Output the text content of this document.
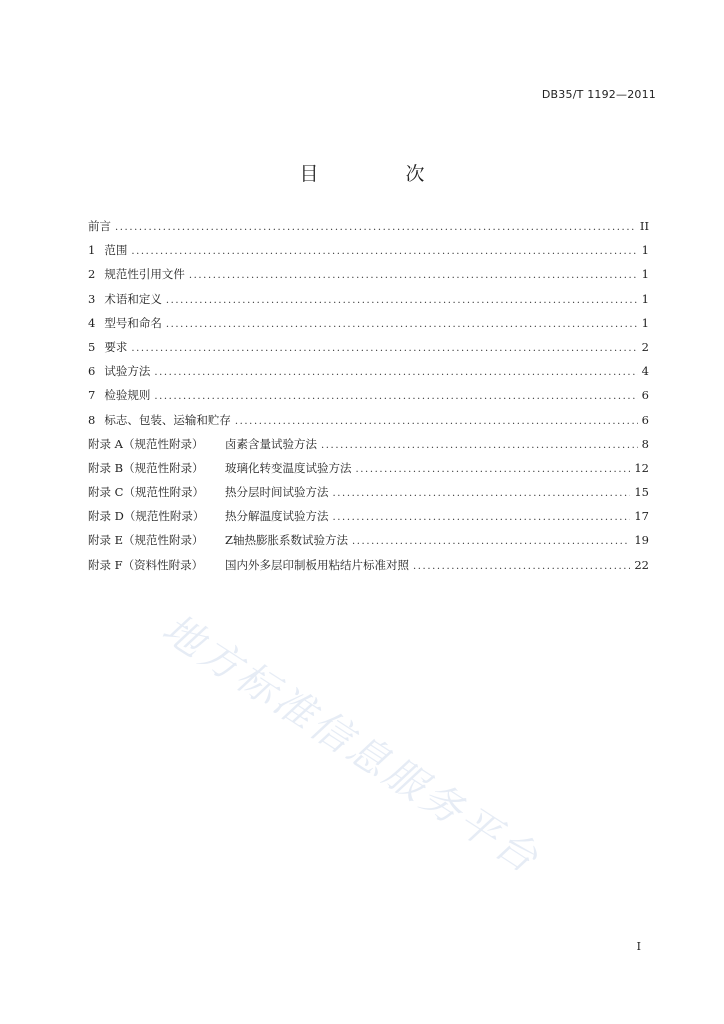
DB35/T 1192—2011
目　次
前言 .....	II
1 范围 .....	1
2 规范性引用文件 .....	1
3 术语和定义 .....	1
4 型号和命名 .....	1
5 要求 .....	2
6 试验方法 .....	4
7 检验规则 .....	6
8 标志、包装、运输和贮存 .....	6
附录 A（规范性附录）	卤素含量试验方法 .....	8
附录 B（规范性附录）	玻璃化转变温度试验方法 .....	12
附录 C（规范性附录）	热分层时间试验方法 .....	15
附录 D（规范性附录）	热分解温度试验方法 .....	17
附录 E（规范性附录）	Z轴热膨胀系数试验方法 .....	19
附录 F（资料性附录）	国内外多层印制板用粘结片标准对照 .....	22
地方标准信息服务平台
I
